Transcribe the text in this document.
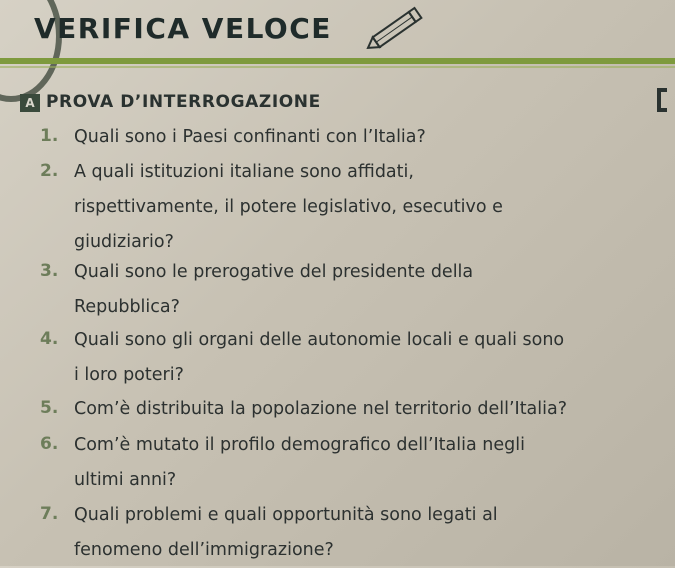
VERIFICA VELOCE
A PROVA D’INTERROGAZIONE
1. Quali sono i Paesi confinanti con l’Italia?
2. A quali istituzioni italiane sono affidati,
rispettivamente, il potere legislativo, esecutivo e
giudiziario?
3. Quali sono le prerogative del presidente della
Repubblica?
4. Quali sono gli organi delle autonomie locali e quali sono
i loro poteri?
5. Com’è distribuita la popolazione nel territorio dell’Italia?
6. Com’è mutato il profilo demografico dell’Italia negli
ultimi anni?
7. Quali problemi e quali opportunità sono legati al
fenomeno dell’immigrazione?
